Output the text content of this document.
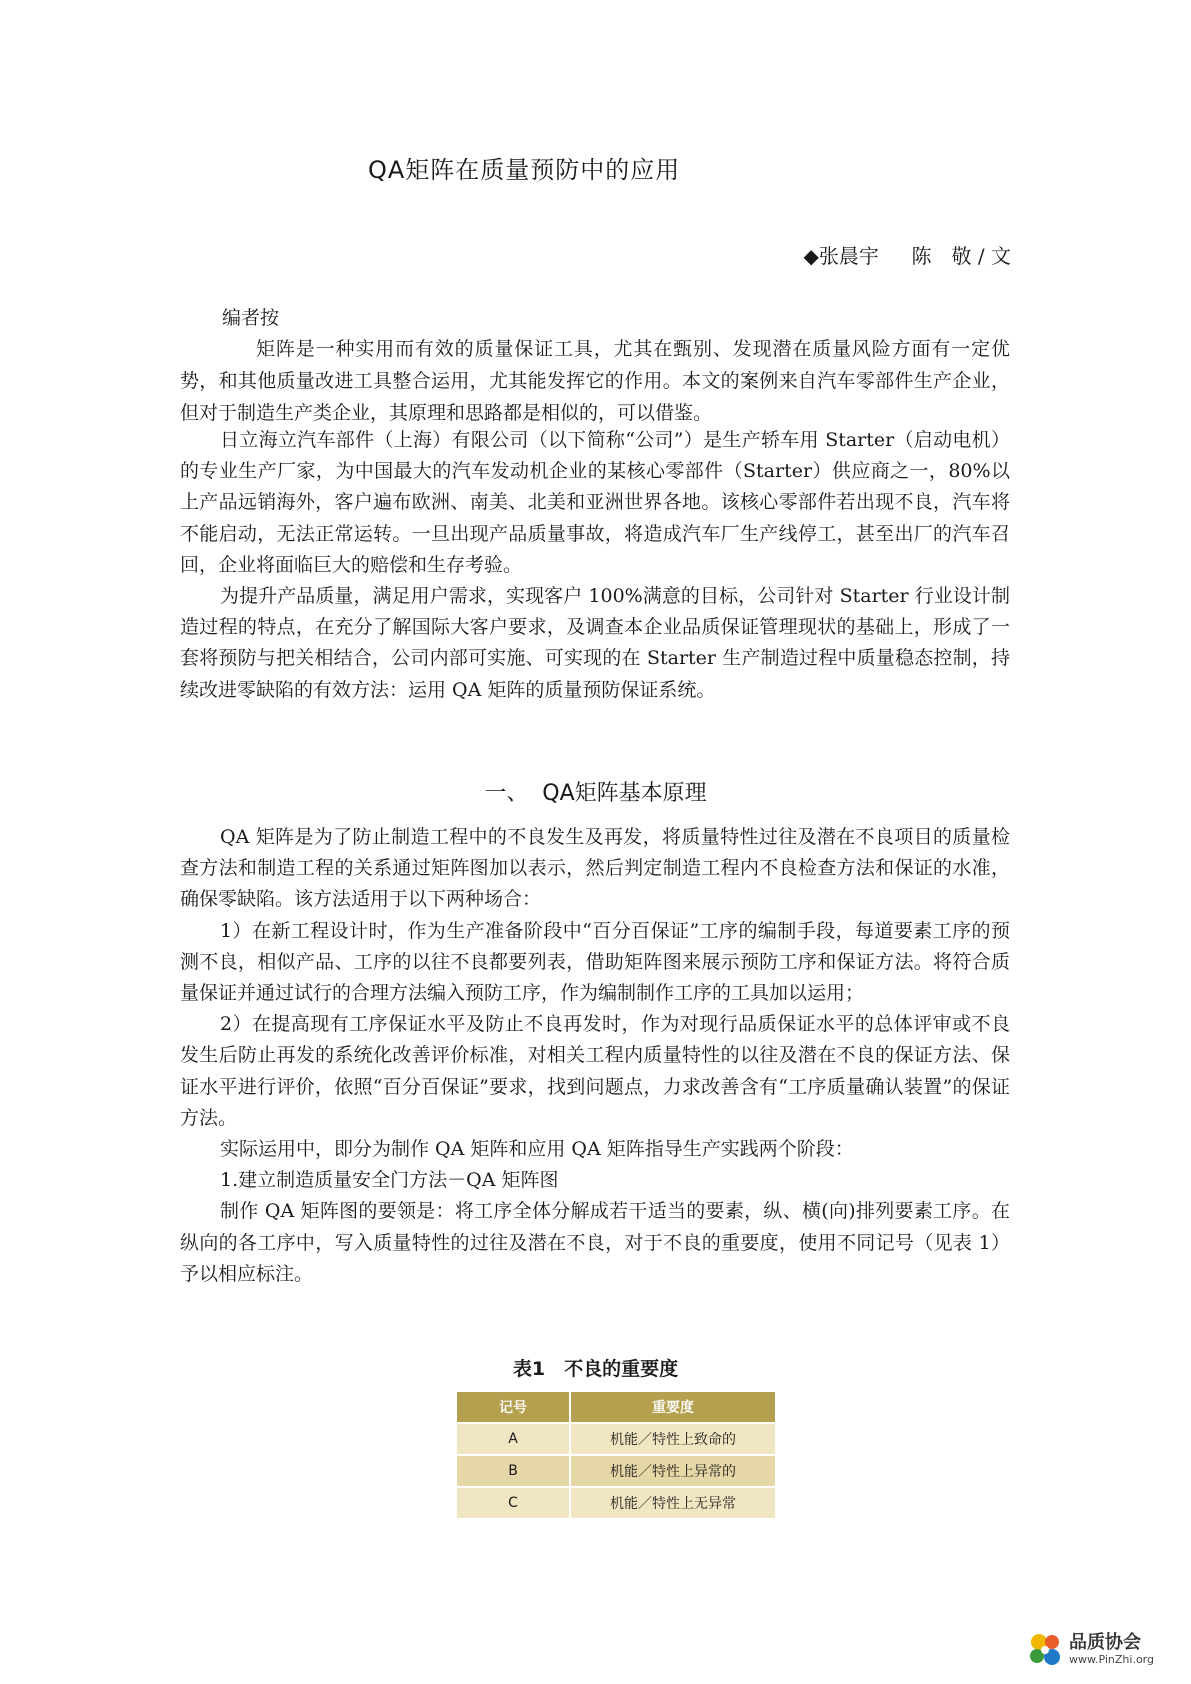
QA矩阵在质量预防中的应用
◆张晨宇　  陈　敬 / 文
编者按

矩阵是一种实用而有效的质量保证工具，尤其在甄别、发现潜在质量风险方面有一定优势，和其他质量改进工具整合运用，尤其能发挥它的作用。本文的案例来自汽车零部件生产企业，但对于制造生产类企业，其原理和思路都是相似的，可以借鉴。

日立海立汽车部件（上海）有限公司（以下简称“公司”）是生产轿车用 Starter（启动电机）的专业生产厂家，为中国最大的汽车发动机企业的某核心零部件（Starter）供应商之一，80%以上产品远销海外，客户遍布欧洲、南美、北美和亚洲世界各地。该核心零部件若出现不良，汽车将不能启动，无法正常运转。一旦出现产品质量事故，将造成汽车厂生产线停工，甚至出厂的汽车召回，企业将面临巨大的赔偿和生存考验。

为提升产品质量，满足用户需求，实现客户 100%满意的目标，公司针对 Starter 行业设计制造过程的特点，在充分了解国际大客户要求，及调查本企业品质保证管理现状的基础上，形成了一套将预防与把关相结合，公司内部可实施、可实现的在 Starter 生产制造过程中质量稳态控制，持续改进零缺陷的有效方法：运用 QA 矩阵的质量预防保证系统。

一、  QA矩阵基本原理

QA 矩阵是为了防止制造工程中的不良发生及再发，将质量特性过往及潜在不良项目的质量检查方法和制造工程的关系通过矩阵图加以表示，然后判定制造工程内不良检查方法和保证的水准，确保零缺陷。该方法适用于以下两种场合：

1）在新工程设计时，作为生产准备阶段中“百分百保证”工序的编制手段，每道要素工序的预测不良，相似产品、工序的以往不良都要列表，借助矩阵图来展示预防工序和保证方法。将符合质量保证并通过试行的合理方法编入预防工序，作为编制制作工序的工具加以运用；

2）在提高现有工序保证水平及防止不良再发时，作为对现行品质保证水平的总体评审或不良发生后防止再发的系统化改善评价标准，对相关工程内质量特性的以往及潜在不良的保证方法、保证水平进行评价，依照“百分百保证”要求，找到问题点，力求改善含有“工序质量确认装置”的保证方法。

实际运用中，即分为制作 QA 矩阵和应用 QA 矩阵指导生产实践两个阶段：

1.建立制造质量安全门方法－QA 矩阵图

制作 QA 矩阵图的要领是：将工序全体分解成若干适当的要素，纵、横(向)排列要素工序。在纵向的各工序中，写入质量特性的过往及潜在不良，对于不良的重要度，使用不同记号（见表 1）予以相应标注。

表1　不良的重要度
记号	重要度
A	机能／特性上致命的
B	机能／特性上异常的
C	机能／特性上无异常
品质协会
www.PinZhi.org
